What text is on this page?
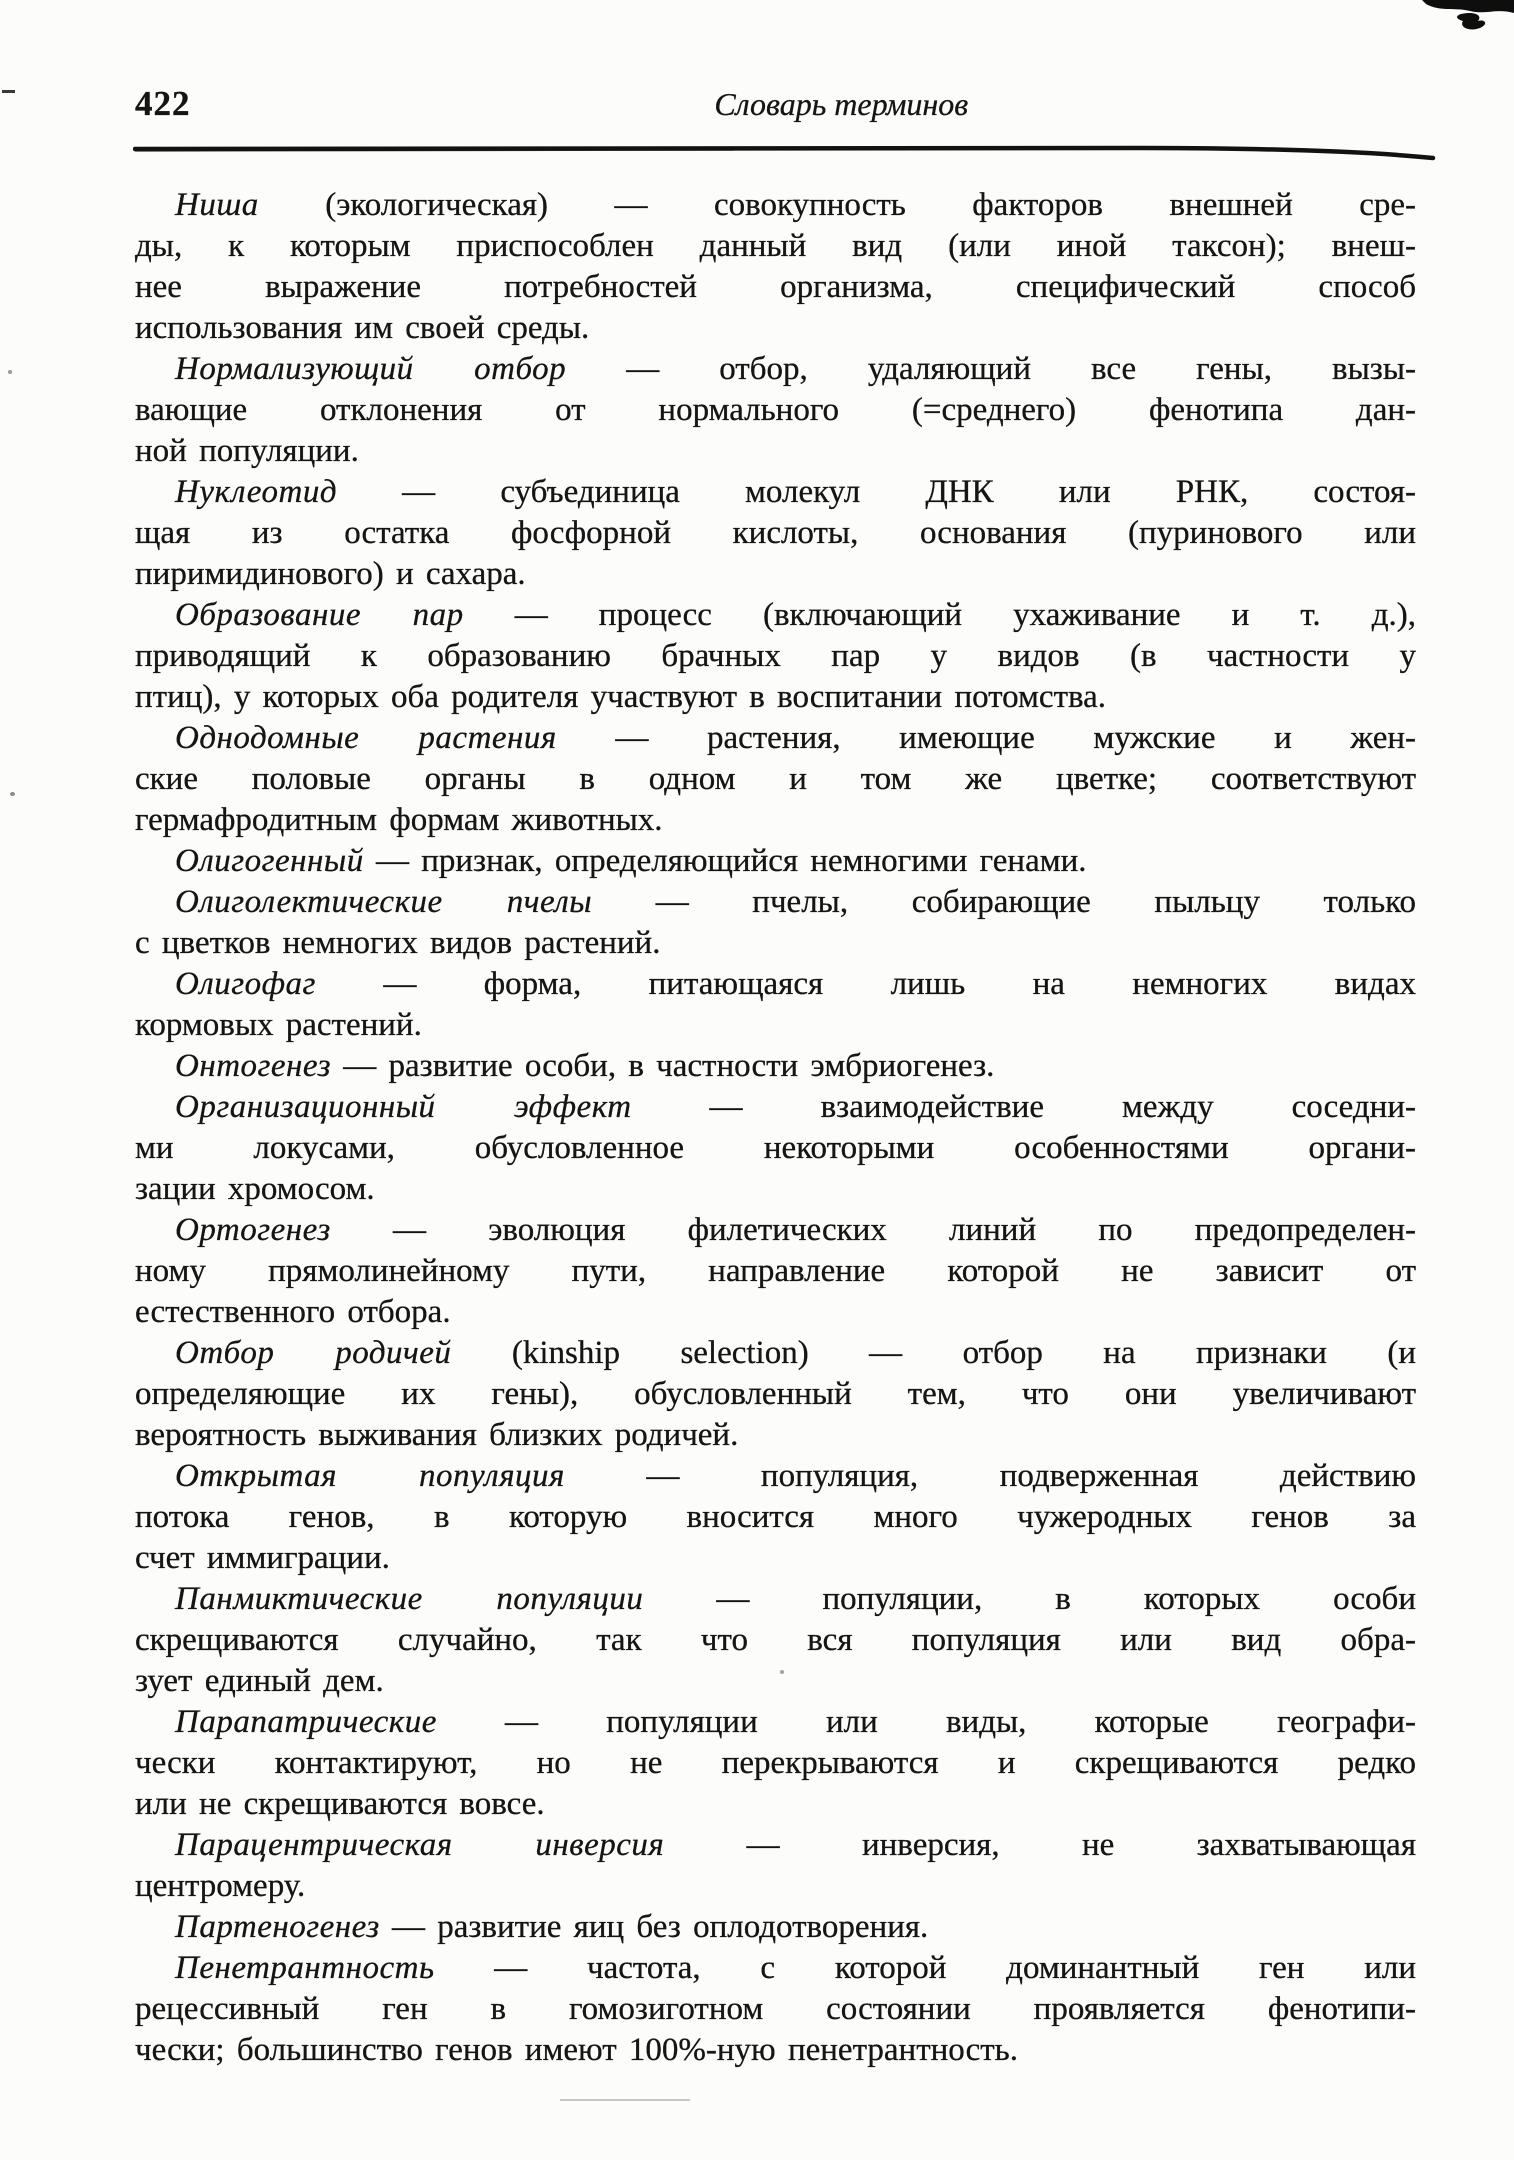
422	Словарь терминов
Ниша (экологическая) — совокупность факторов внешней сре-
ды, к которым приспособлен данный вид (или иной таксон); внеш-
нее выражение потребностей организма, специфический способ
использования им своей среды.
Нормализующий отбор — отбор, удаляющий все гены, вызы-
вающие отклонения от нормального (=среднего) фенотипа дан-
ной популяции.
Нуклеотид — субъединица молекул ДНК или РНК, состоя-
щая из остатка фосфорной кислоты, основания (пуринового или
пиримидинового) и сахара.
Образование пар — процесс (включающий ухаживание и т. д.),
приводящий к образованию брачных пар у видов (в частности у
птиц), у которых оба родителя участвуют в воспитании потомства.
Однодомные растения — растения, имеющие мужские и жен-
ские половые органы в одном и том же цветке; соответствуют
гермафродитным формам животных.
Олигогенный — признак, определяющийся немногими генами.
Олиголектические пчелы — пчелы, собирающие пыльцу только
с цветков немногих видов растений.
Олигофаг — форма, питающаяся лишь на немногих видах
кормовых растений.
Онтогенез — развитие особи, в частности эмбриогенез.
Организационный эффект — взаимодействие между соседни-
ми локусами, обусловленное некоторыми особенностями органи-
зации хромосом.
Ортогенез — эволюция филетических линий по предопределен-
ному прямолинейному пути, направление которой не зависит от
естественного отбора.
Отбор родичей (kinship selection) — отбор на признаки (и
определяющие их гены), обусловленный тем, что они увеличивают
вероятность выживания близких родичей.
Открытая популяция — популяция, подверженная действию
потока генов, в которую вносится много чужеродных генов за
счет иммиграции.
Панмиктические популяции — популяции, в которых особи
скрещиваются случайно, так что вся популяция или вид обра-
зует единый дем.
Парапатрические — популяции или виды, которые географи-
чески контактируют, но не перекрываются и скрещиваются редко
или не скрещиваются вовсе.
Парацентрическая инверсия — инверсия, не захватывающая
центромеру.
Партеногенез — развитие яиц без оплодотворения.
Пенетрантность — частота, с которой доминантный ген или
рецессивный ген в гомозиготном состоянии проявляется фенотипи-
чески; большинство генов имеют 100%-ную пенетрантность.
